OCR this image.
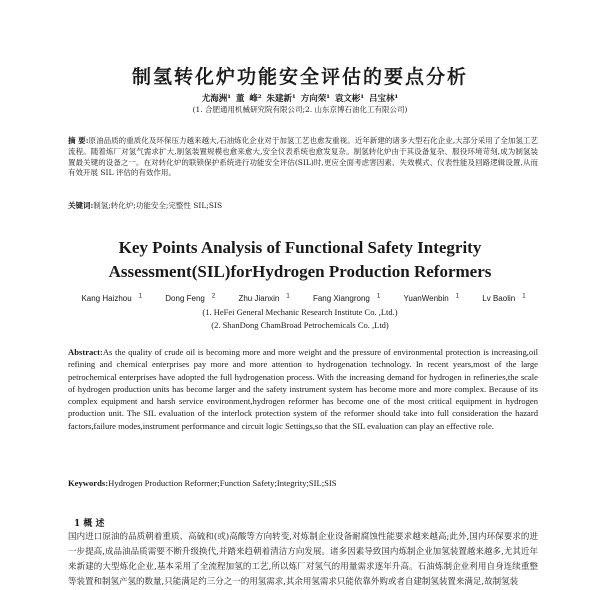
制氢转化炉功能安全评估的要点分析
尤海洲¹ 董 峰² 朱建新¹ 方向荣¹ 袁文彬¹ 吕宝林¹
(1. 合肥通用机械研究院有限公司;2. 山东京博石油化工有限公司)
摘 要:原油品质的重质化及环保压力越来越大,石油炼化企业对于加氢工艺也愈发重视。近年新建的诸多大型石化企业,大部分采用了全加氢工艺流程。随着炼厂对氢气需求扩大,制氢装置规模也愈来愈大,安全仪表系统也愈发复杂。制氢转化炉由于其设备复杂、服役环境苛刻,成为制氢装置最关键的设备之一。在对转化炉的联锁保护系统进行功能安全评估(SIL)时,更应全面考虑害因素、失效模式、仪表性能及回路逻辑设置,从而有效开展 SIL 评估的有效作用。
关键词:制氢;转化炉;功能安全;完整性 SIL;SIS
Key Points Analysis of Functional Safety Integrity
Assessment(SIL)forHydrogen Production Reformers
Kang Haizhou $^1$	Dong Feng $^2$	Zhu Jianxin $^1$	Fang Xiangrong $^1$	YuanWenbin $^1$	Lv Baolin $^1$
(1. HeFei General Mechanic Research Institute Co. ,Ltd.)
(2. ShanDong ChamBroad Petrochemicals Co. ,Ltd)
Abstract:As the quality of crude oil is becoming more and more weight and the pressure of environmental protection is increasing,oil refining and chemical enterprises pay more and more attention to hydrogenation technology. In recent years,most of the large petrochemical enterprises have adopted the full hydrogenation process. With the increasing demand for hydrogen in refineries,the scale of hydrogen production units has become larger and the safety instrument system has become more and more complex. Because of its complex equipment and harsh service environment,hydrogen reformer has become one of the most critical equipment in hydrogen production unit. The SIL evaluation of the interlock protection system of the reformer should take into full consideration the hazard factors,failure modes,instrument performance and circuit logic Settings,so that the SIL evaluation can play an effective role.
Keywords:Hydrogen Production Reformer;Function Safety;Integrity;SIL;SIS
1 概 述
国内进口原油的品质朝着重质、高硫和(或)高酸等方向转变,对炼制企业设备耐腐蚀性能要求越来越高;此外,国内环保要求的进一步提高,成品油品质需要不断升级换代,并踏来趋朝着清洁方向发展。诸多因素导致国内炼制企业加氢装置越来越多,尤其近年来新建的大型炼化企业,基本采用了全流程加氢的工艺,所以炼厂对氢气的用量需求逐年升高。石油炼制企业利用自身连续重整等装置和制氢产氢的数量,只能满足约三分之一的用氢需求,其余用氢需求只能依靠外购或者自建制氢装置来满足,故制氢装
